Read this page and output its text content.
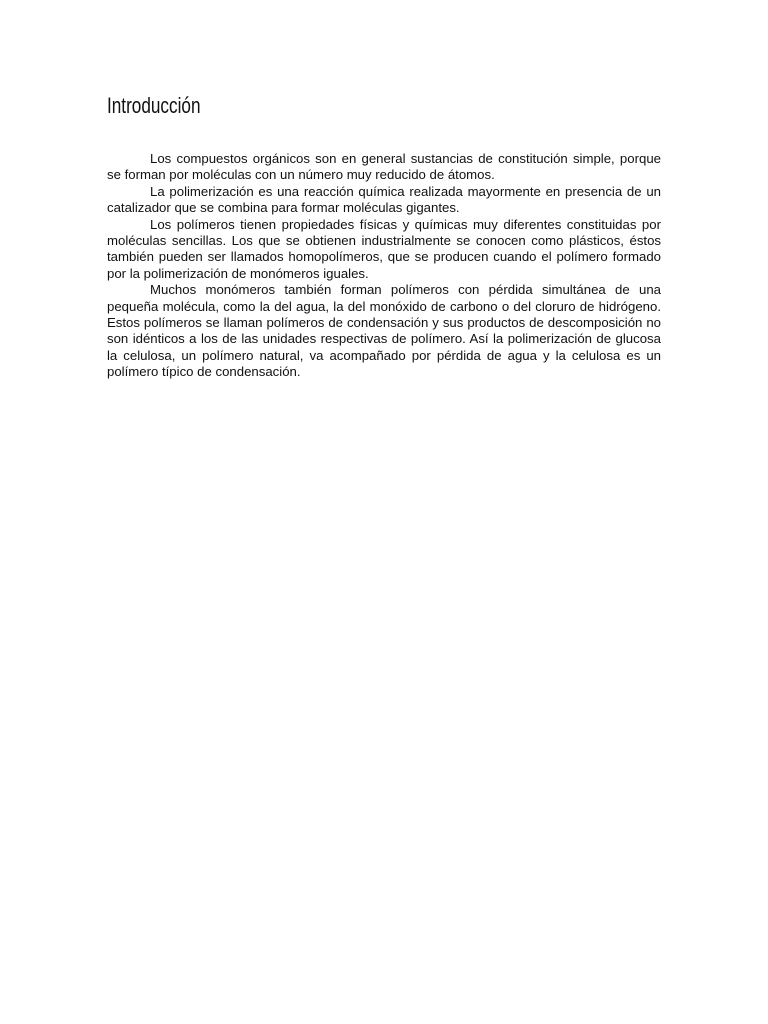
Introducción

Los compuestos orgánicos son en general sustancias de constitución simple, porque se forman por moléculas con un número muy reducido de átomos.

La polimerización es una reacción química realizada mayormente en presencia de un catalizador que se combina para formar moléculas gigantes.

Los polímeros tienen propiedades físicas y químicas muy diferentes constituidas por moléculas sencillas. Los que se obtienen industrialmente se conocen como plásticos, éstos también pueden ser llamados homopolímeros, que se producen cuando el polímero formado por la polimerización de monómeros iguales.

Muchos monómeros también forman polímeros con pérdida simultánea de una pequeña molécula, como la del agua, la del monóxido de carbono o del cloruro de hidrógeno. Estos polímeros se llaman polímeros de condensación y sus productos de descomposición no son idénticos a los de las unidades respectivas de polímero. Así la polimerización de glucosa la celulosa, un polímero natural, va acompañado por pérdida de agua y la celulosa es un polímero típico de condensación.
